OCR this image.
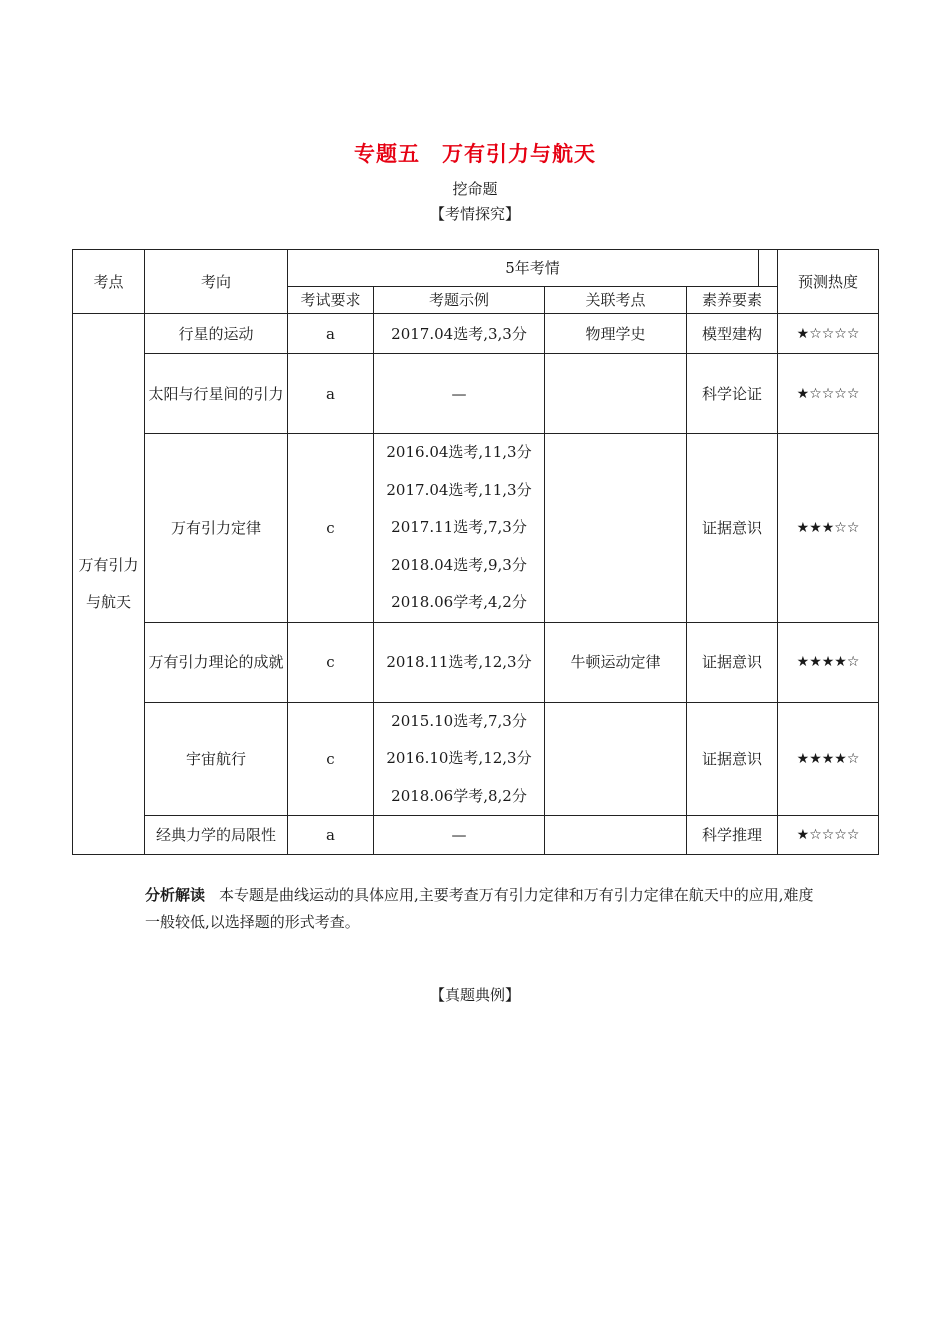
专题五　万有引力与航天
挖命题
【考情探究】
考点	考向	5年考情				预测热度
		考试要求	考题示例	关联考点	素养要素	
万有引力与航天	行星的运动	a	2017.04选考,3,3分	物理学史	模型建构	★☆☆☆☆
	太阳与行星间的引力	a	—		科学论证	★☆☆☆☆
	万有引力定律	c	2016.04选考,11,3分
2017.04选考,11,3分
2017.11选考,7,3分
2018.04选考,9,3分
2018.06学考,4,2分		证据意识	★★★☆☆
	万有引力理论的成就	c	2018.11选考,12,3分	牛顿运动定律	证据意识	★★★★☆
	宇宙航行	c	2015.10选考,7,3分
2016.10选考,12,3分
2018.06学考,8,2分		证据意识	★★★★☆
	经典力学的局限性	a	—		科学推理	★☆☆☆☆
分析解读 本专题是曲线运动的具体应用,主要考查万有引力定律和万有引力定律在航天中的应用,难度一般较低,以选择题的形式考查。
【真题典例】
